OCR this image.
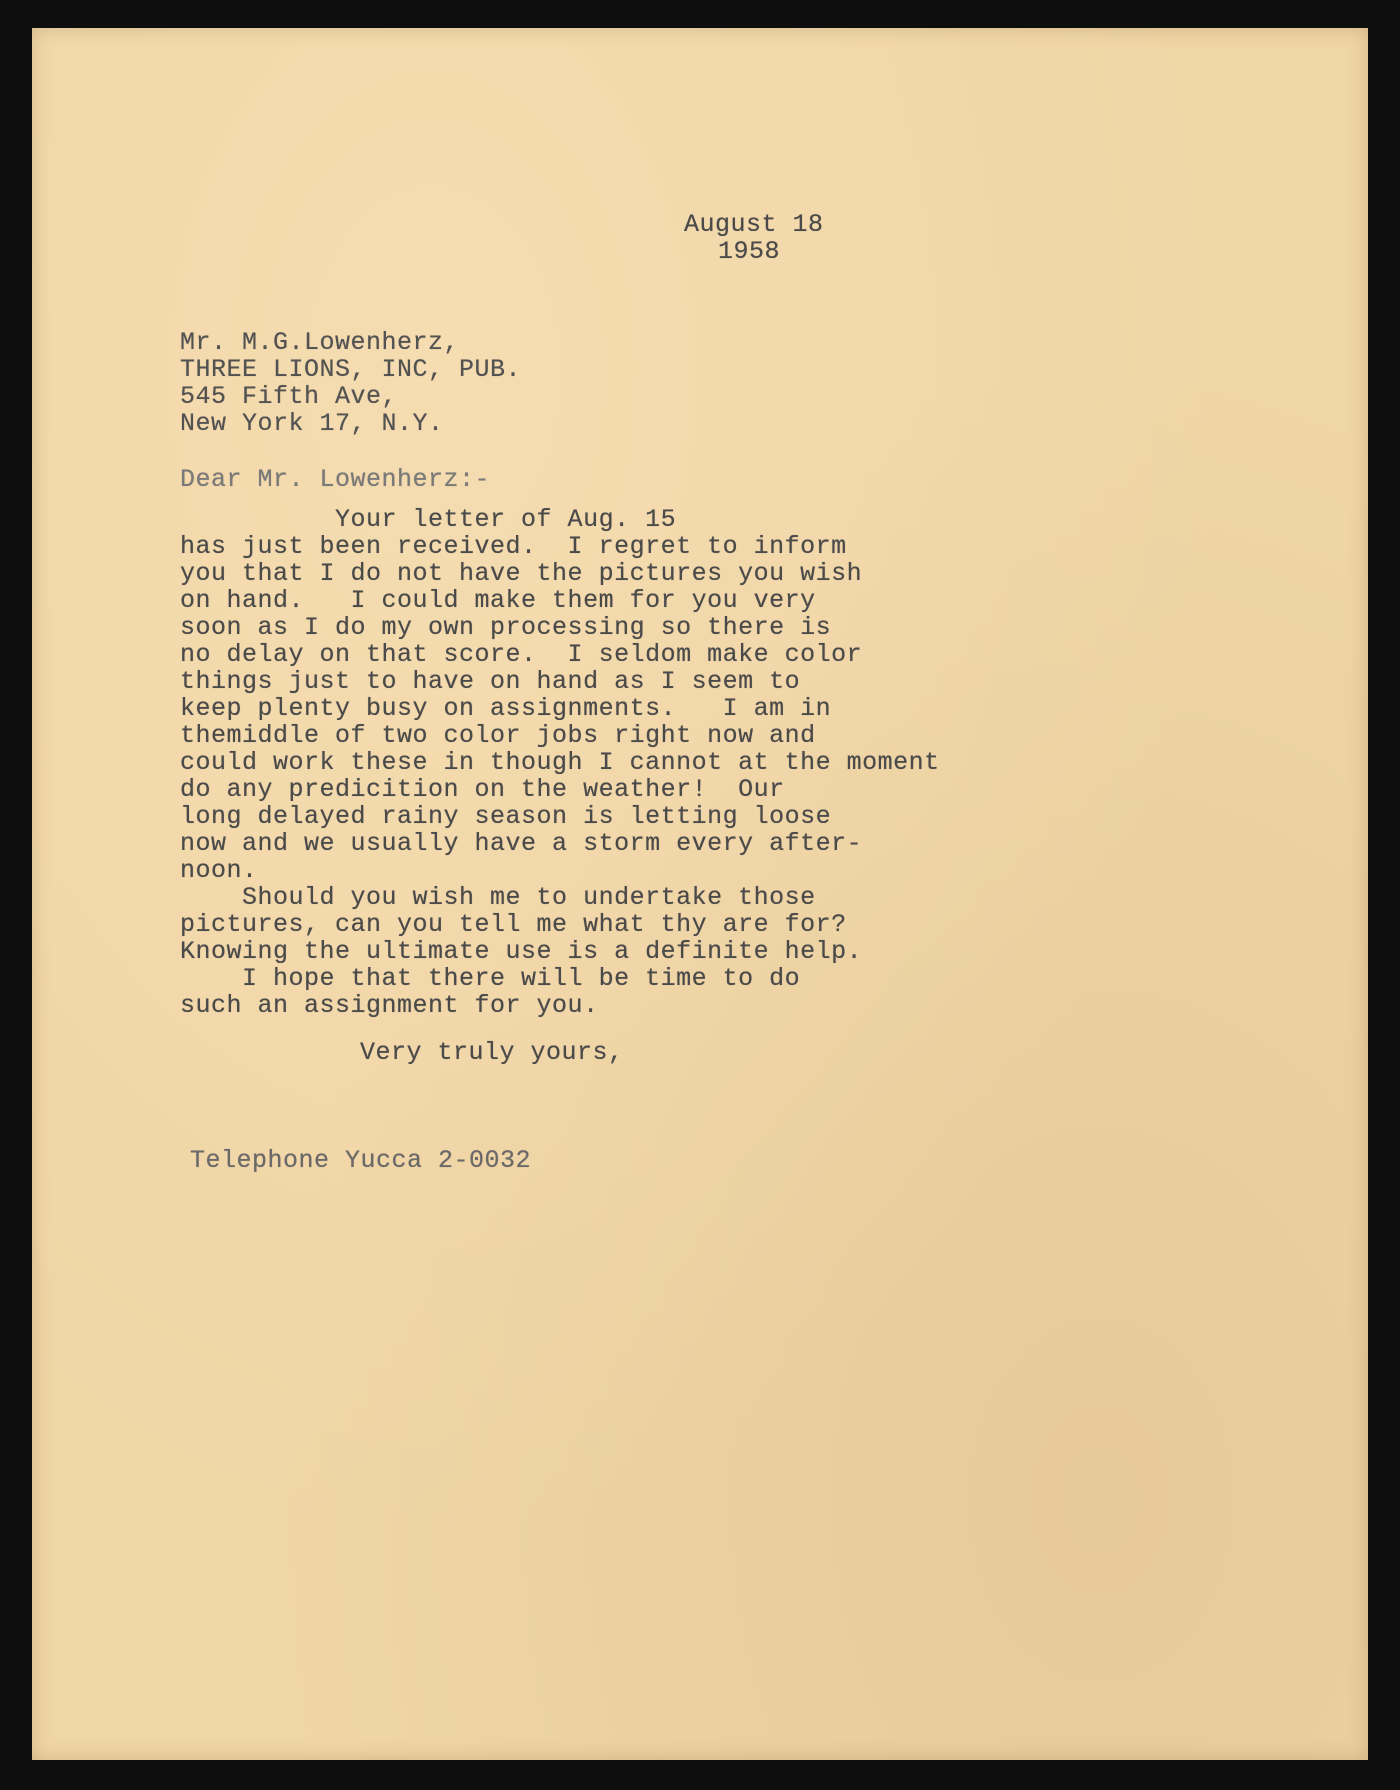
August 18
1958
Mr. M.G.Lowenherz,
THREE LIONS, INC, PUB.
545 Fifth Ave,
New York 17, N.Y.
Dear Mr. Lowenherz:-
Your letter of Aug. 15
has just been received.  I regret to inform
you that I do not have the pictures you wish
on hand.   I could make them for you very
soon as I do my own processing so there is
no delay on that score.  I seldom make color
things just to have on hand as I seem to
keep plenty busy on assignments.   I am in
themiddle of two color jobs right now and
could work these in though I cannot at the moment
do any predicition on the weather!  Our
long delayed rainy season is letting loose
now and we usually have a storm every after-
noon.
Should you wish me to undertake those
pictures, can you tell me what thy are for?
Knowing the ultimate use is a definite help.
I hope that there will be time to do
such an assignment for you.
Very truly yours,
Telephone Yucca 2-0032
